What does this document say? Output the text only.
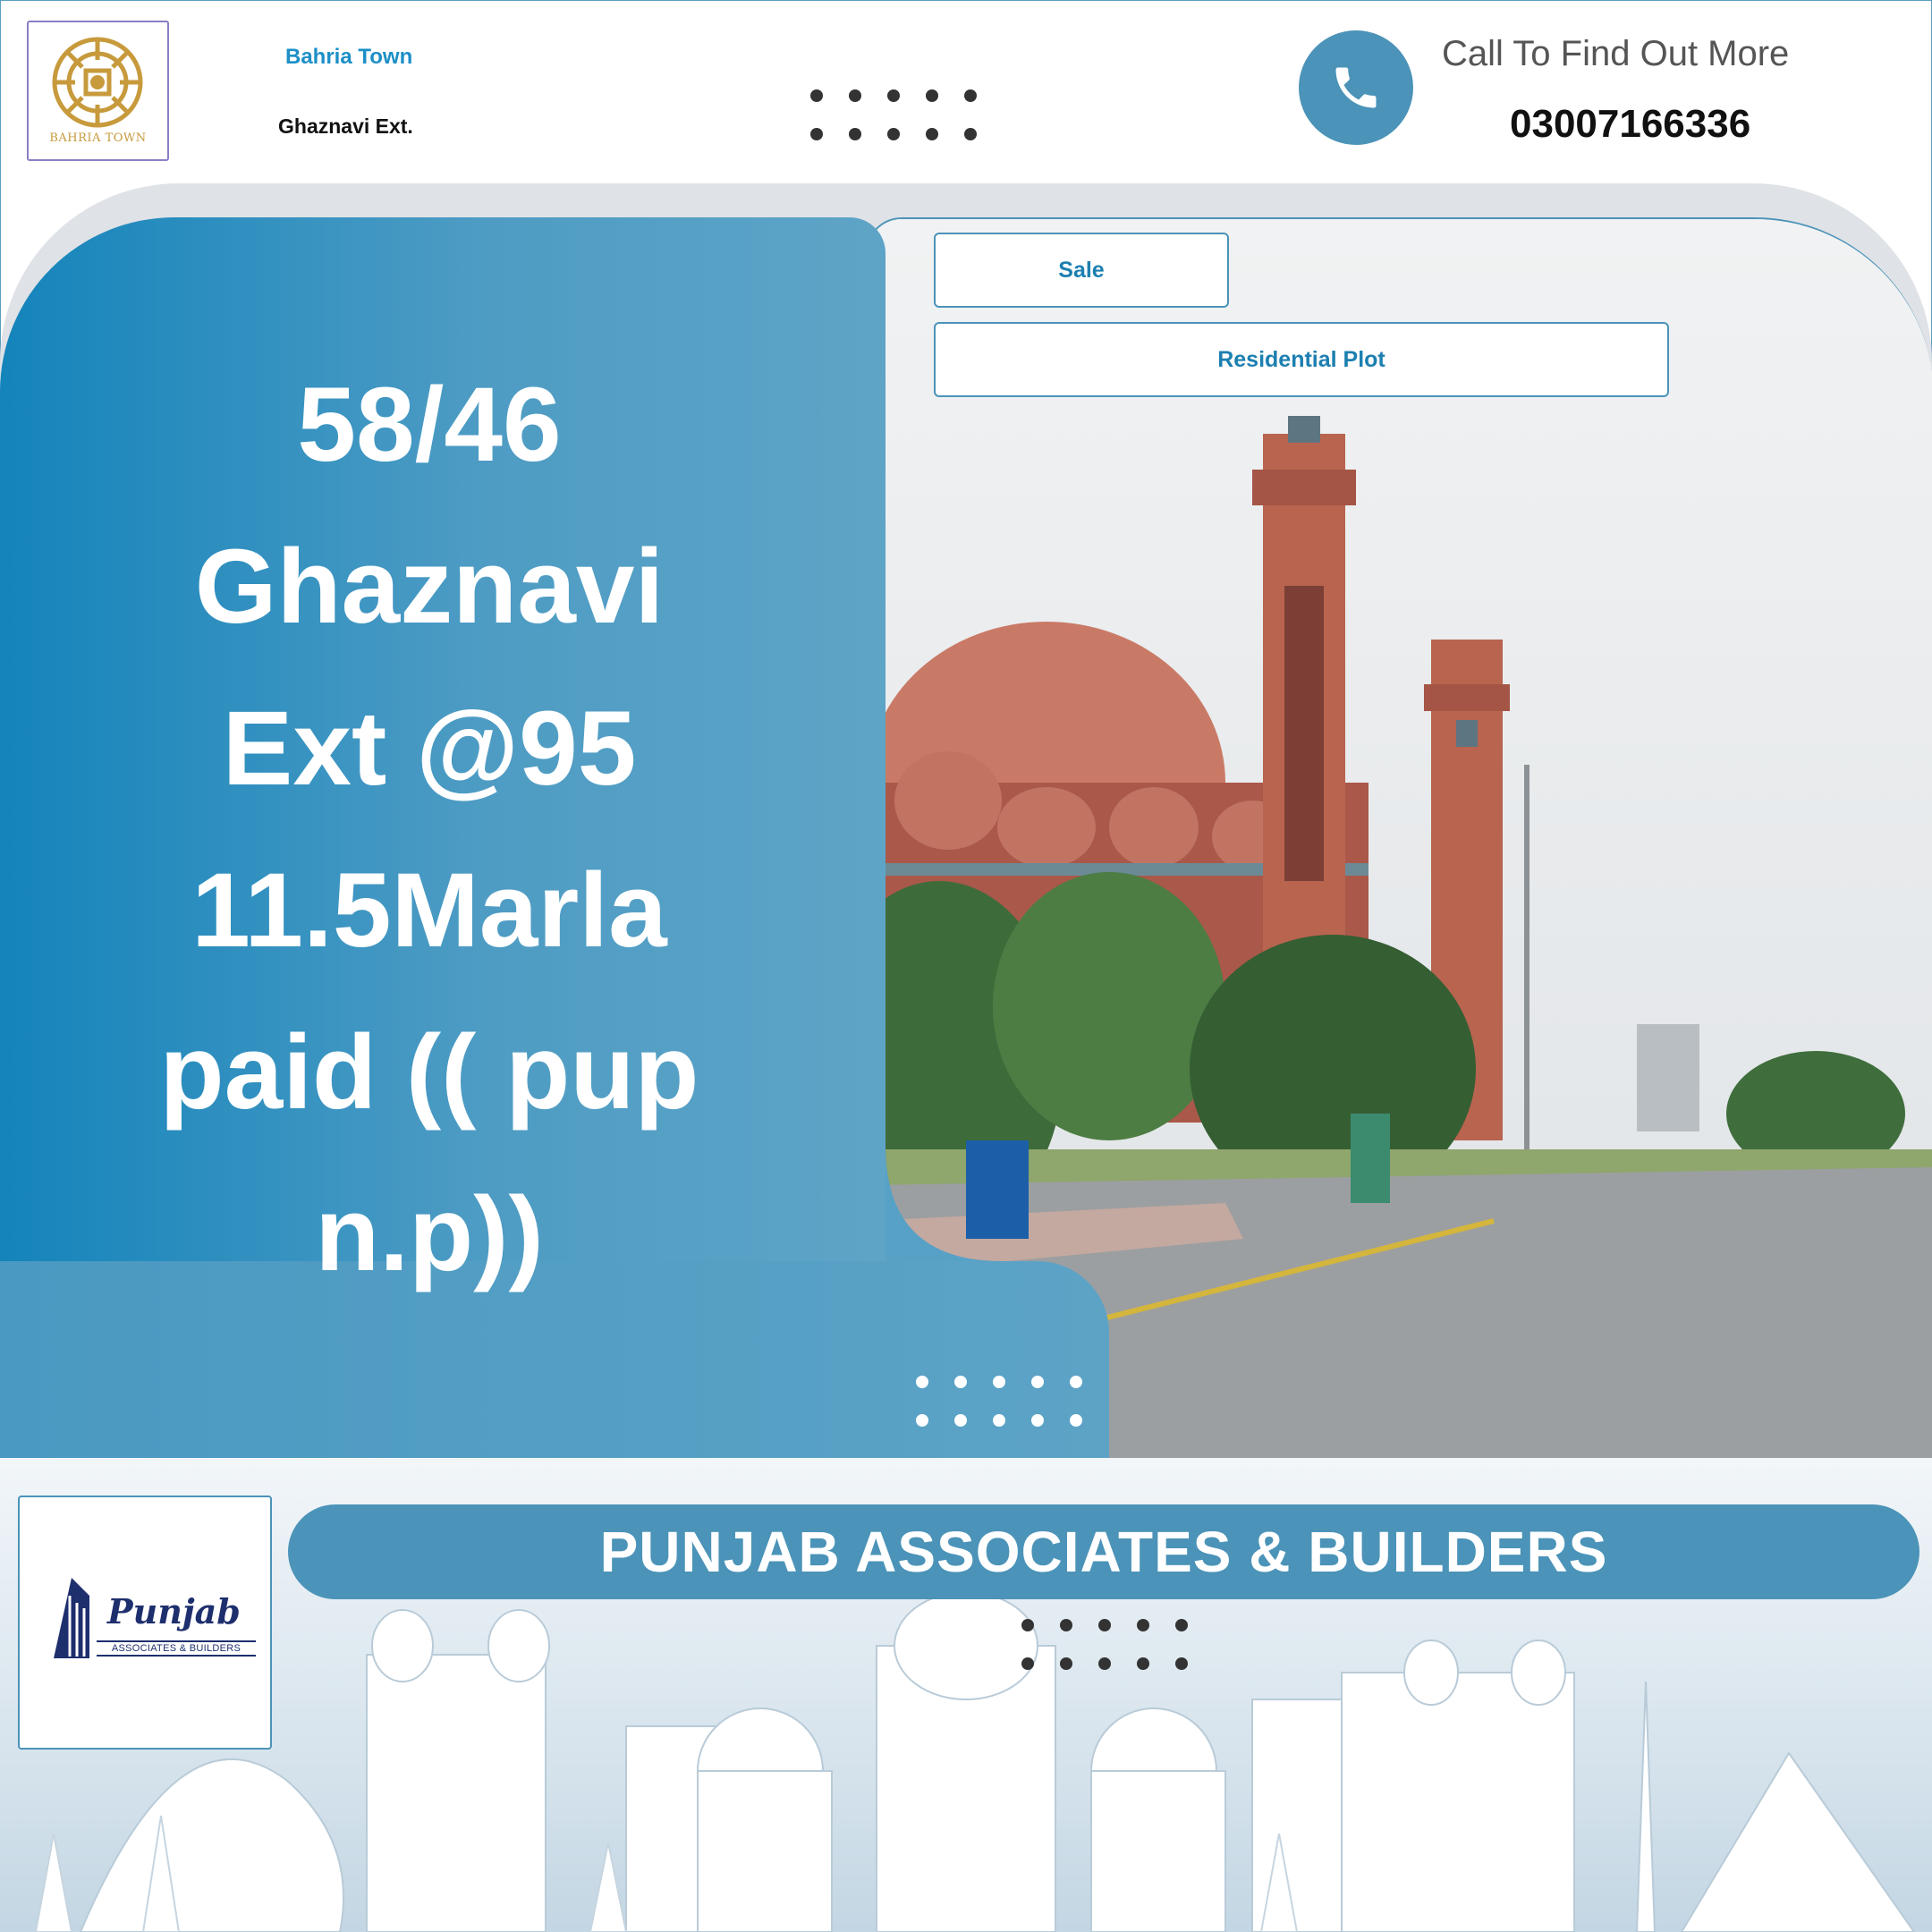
BAHRIA TOWN
Bahria Town
Ghaznavi Ext.
Call To Find Out More
03007166336
58/46
Ghaznavi
Ext @95
11.5Marla
paid (( pup
n.p))
Sale
Residential Plot
Punjab
ASSOCIATES & BUILDERS
PUNJAB ASSOCIATES & BUILDERS
